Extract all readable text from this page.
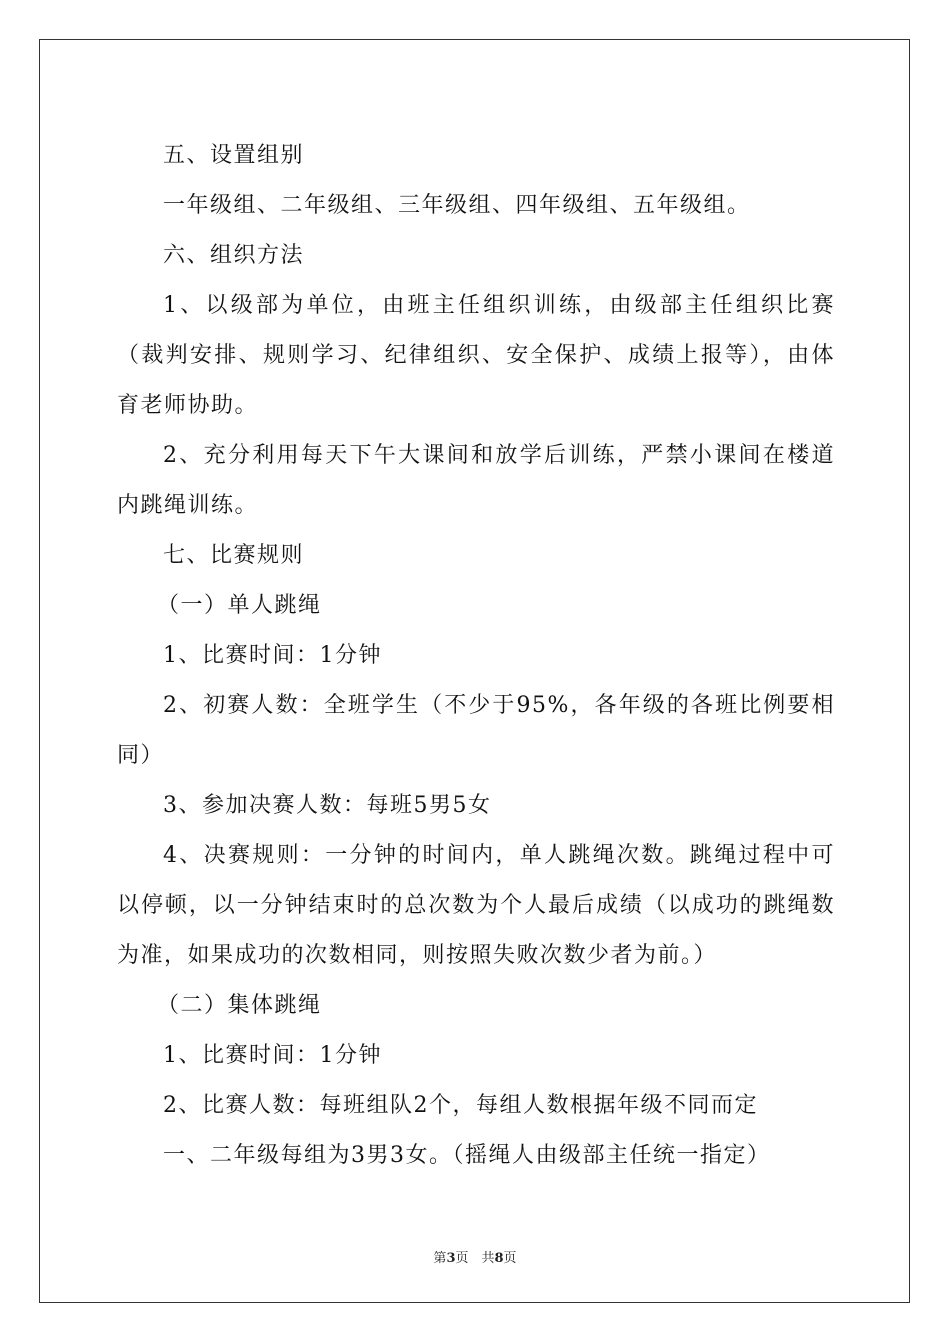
五、设置组别
一年级组、二年级组、三年级组、四年级组、五年级组。
六、组织方法
1、以级部为单位，由班主任组织训练，由级部主任组织比赛
（裁判安排、规则学习、纪律组织、安全保护、成绩上报等），由体
育老师协助。
2、充分利用每天下午大课间和放学后训练，严禁小课间在楼道
内跳绳训练。
七、比赛规则
（一）单人跳绳
1、比赛时间：1分钟
2、初赛人数：全班学生（不少于95%，各年级的各班比例要相
同）
3、参加决赛人数：每班5男5女
4、决赛规则：一分钟的时间内，单人跳绳次数。跳绳过程中可
以停顿，以一分钟结束时的总次数为个人最后成绩（以成功的跳绳数
为准，如果成功的次数相同，则按照失败次数少者为前。）
（二）集体跳绳
1、比赛时间：1分钟
2、比赛人数：每班组队2个，每组人数根据年级不同而定
一、二年级每组为3男3女。（摇绳人由级部主任统一指定）
第3页　共8页
